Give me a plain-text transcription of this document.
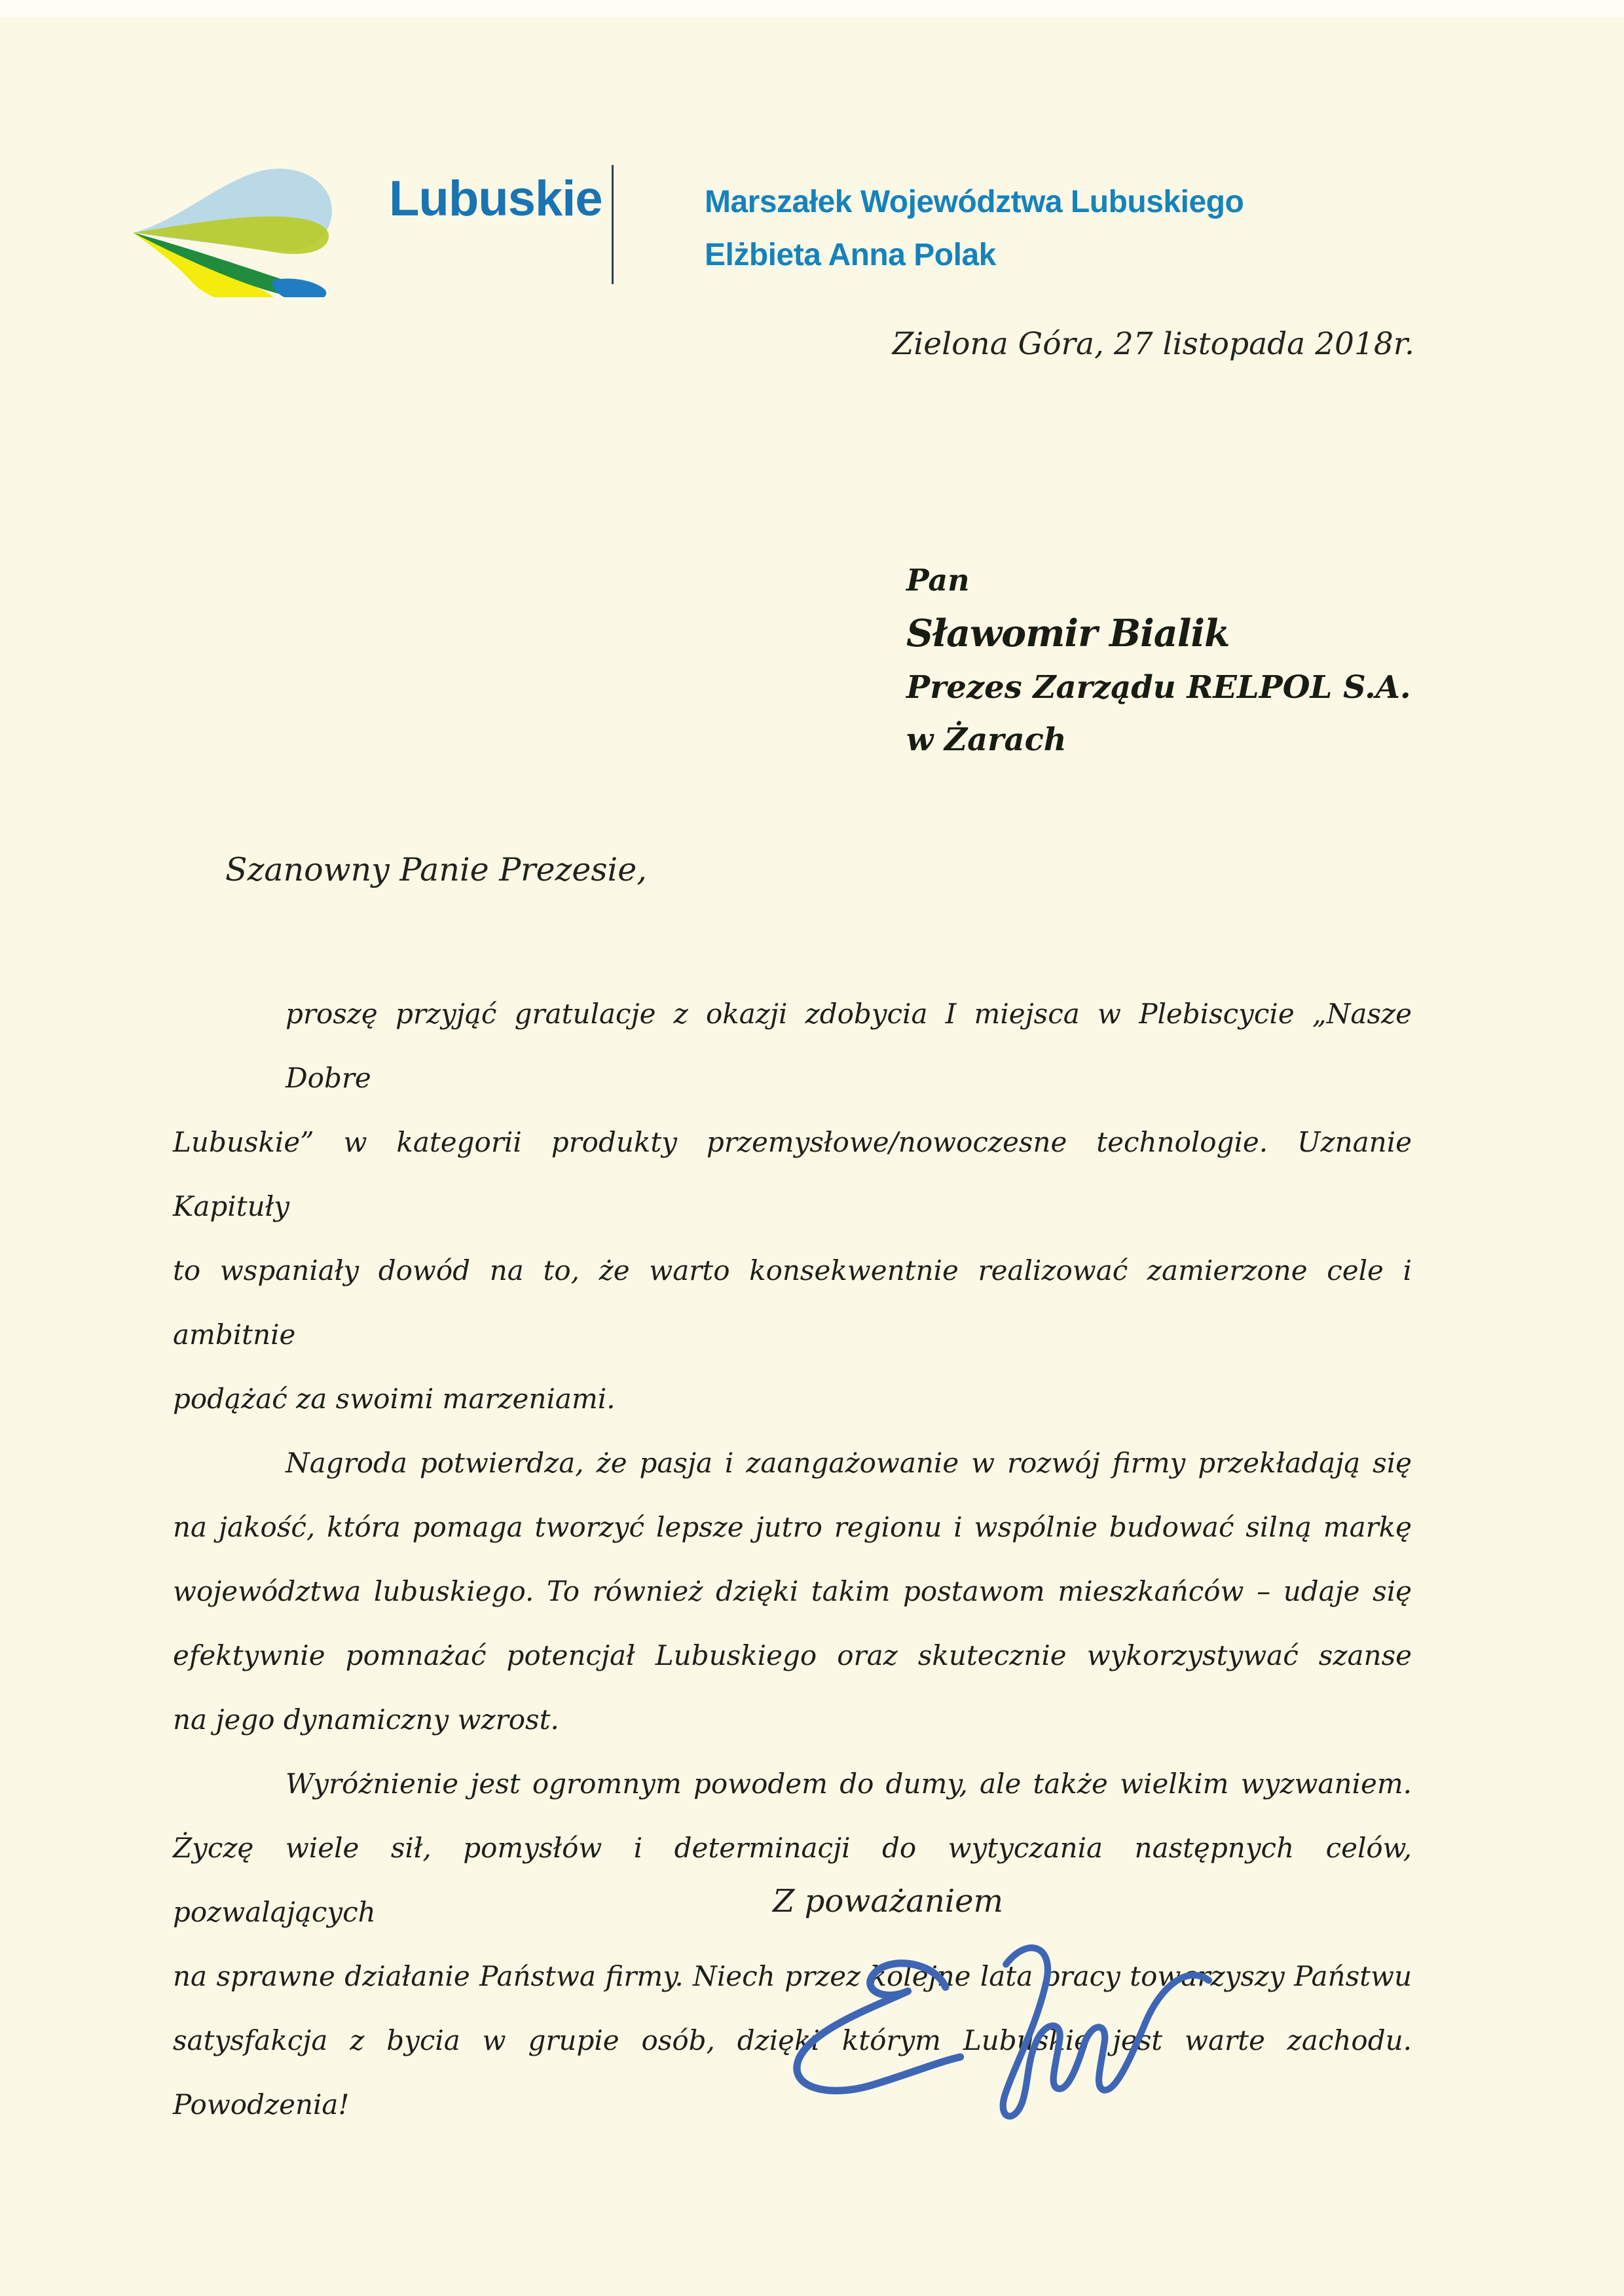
Lubuskie	Marszałek Województwa Lubuskiego
Elżbieta Anna Polak
Zielona Góra, 27 listopada 2018r.
Pan
Sławomir Bialik
Prezes Zarządu RELPOL S.A.
w Żarach
Szanowny Panie Prezesie,
proszę przyjąć gratulacje z okazji zdobycia I miejsca w Plebiscycie „Nasze Dobre
Lubuskie” w kategorii produkty przemysłowe/nowoczesne technologie. Uznanie Kapituły
to wspaniały dowód na to, że warto konsekwentnie realizować zamierzone cele i ambitnie
podążać za swoimi marzeniami.
Nagroda potwierdza, że pasja i zaangażowanie w rozwój firmy przekładają się
na jakość, która pomaga tworzyć lepsze jutro regionu i wspólnie budować silną markę
województwa lubuskiego. To również dzięki takim postawom mieszkańców – udaje się
efektywnie pomnażać potencjał Lubuskiego oraz skutecznie wykorzystywać szanse
na jego dynamiczny wzrost.
Wyróżnienie jest ogromnym powodem do dumy, ale także wielkim wyzwaniem.
Życzę wiele sił, pomysłów i determinacji do wytyczania następnych celów, pozwalających
na sprawne działanie Państwa firmy. Niech przez kolejne lata pracy towarzyszy Państwu
satysfakcja z bycia w grupie osób, dzięki którym Lubuskie jest warte zachodu. Powodzenia!
Z poważaniem
